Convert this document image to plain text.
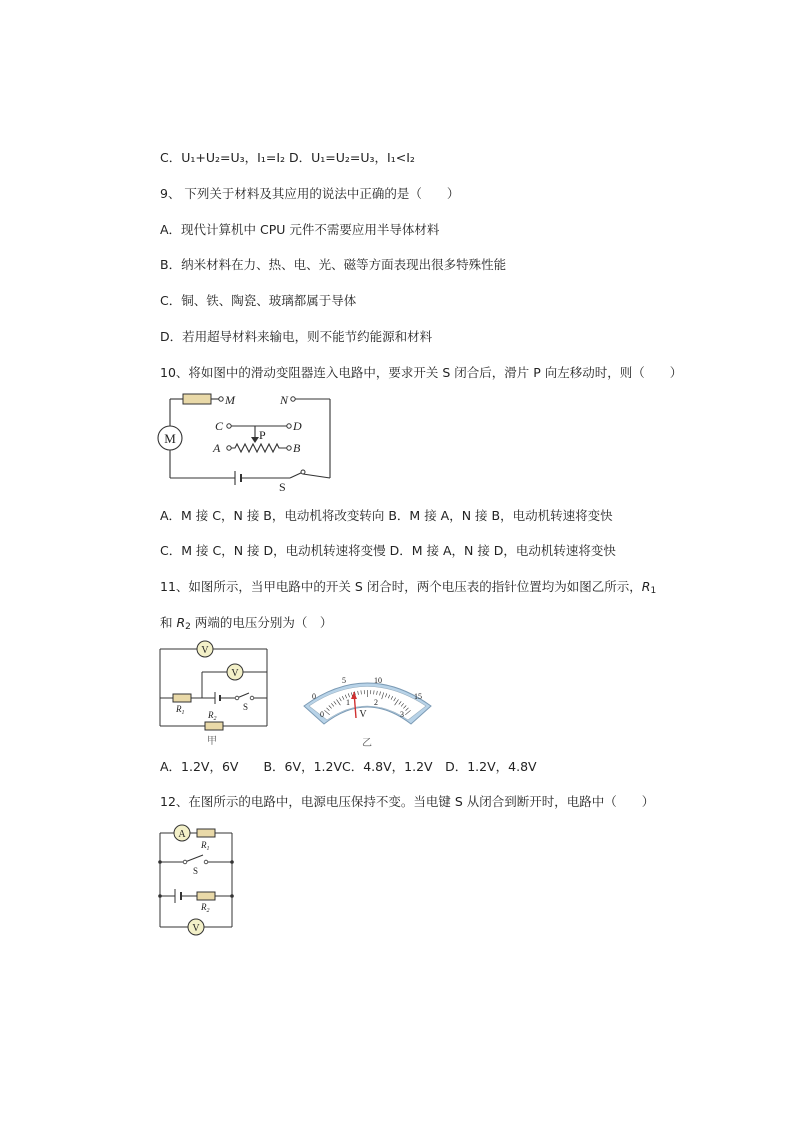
C．U₁+U₂=U₃，I₁=I₂ D．U₁=U₂=U₃，I₁<I₂
9、 下列关于材料及其应用的说法中正确的是（　　）
A．现代计算机中 CPU 元件不需要应用半导体材料
B．纳米材料在力、热、电、光、磁等方面表现出很多特殊性能
C．铜、铁、陶瓷、玻璃都属于导体
D．若用超导材料来输电，则不能节约能源和材料
10、将如图中的滑动变阻器连入电路中，要求开关 S 闭合后，滑片 P 向左移动时，则（　　）
M
M	N
C	D
A	B
P
S
A．M 接 C，N 接 B，电动机将改变转向 B．M 接 A，N 接 B，电动机转速将变快
C．M 接 C，N 接 D，电动机转速将变慢 D．M 接 A，N 接 D，电动机转速将变快
11、如图所示，当甲电路中的开关 S 闭合时，两个电压表的指针位置均为如图乙所示，$R_1$
和 $R_2$ 两端的电压分别为（　）
V
V
$R_1$	$R_2$
S
甲
0
5	10
15
0
1	2
3
V
乙
A．1.2V，6V　　B．6V，1.2VC．4.8V，1.2V　D．1.2V，4.8V
12、在图所示的电路中，电源电压保持不变。当电键 S 从闭合到断开时，电路中（　　）
A
V
$R_1$
S
$R_2$
